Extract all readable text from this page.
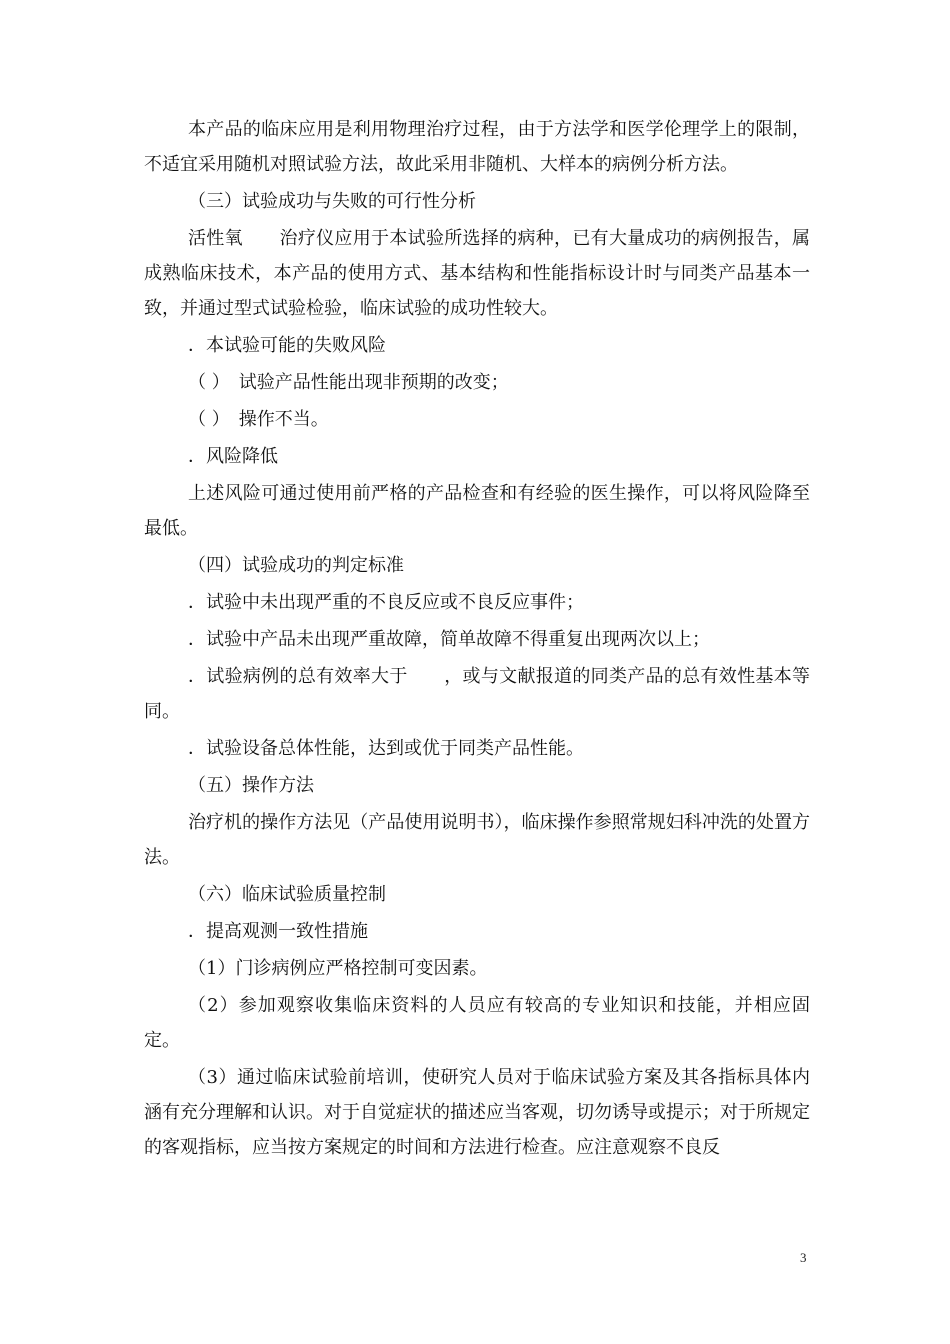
本产品的临床应用是利用物理治疗过程，由于方法学和医学伦理学上的限制，不适宜采用随机对照试验方法，故此采用非随机、大样本的病例分析方法。

（三）试验成功与失败的可行性分析

活性氧　　治疗仪应用于本试验所选择的病种，已有大量成功的病例报告，属成熟临床技术，本产品的使用方式、基本结构和性能指标设计时与同类产品基本一致，并通过型式试验检验，临床试验的成功性较大。

．本试验可能的失败风险

（ ）　试验产品性能出现非预期的改变；

（ ）　操作不当。

．风险降低

上述风险可通过使用前严格的产品检查和有经验的医生操作，可以将风险降至最低。

（四）试验成功的判定标准

．试验中未出现严重的不良反应或不良反应事件；

．试验中产品未出现严重故障，简单故障不得重复出现两次以上；

．试验病例的总有效率大于　　，或与文献报道的同类产品的总有效性基本等同。

．试验设备总体性能，达到或优于同类产品性能。

（五）操作方法

治疗机的操作方法见（产品使用说明书），临床操作参照常规妇科冲洗的处置方法。

（六）临床试验质量控制

．提高观测一致性措施

（1）门诊病例应严格控制可变因素。

（2）参加观察收集临床资料的人员应有较高的专业知识和技能，并相应固定。

（3）通过临床试验前培训，使研究人员对于临床试验方案及其各指标具体内涵有充分理解和认识。对于自觉症状的描述应当客观，切勿诱导或提示；对于所规定的客观指标，应当按方案规定的时间和方法进行检查。应注意观察不良反

3
